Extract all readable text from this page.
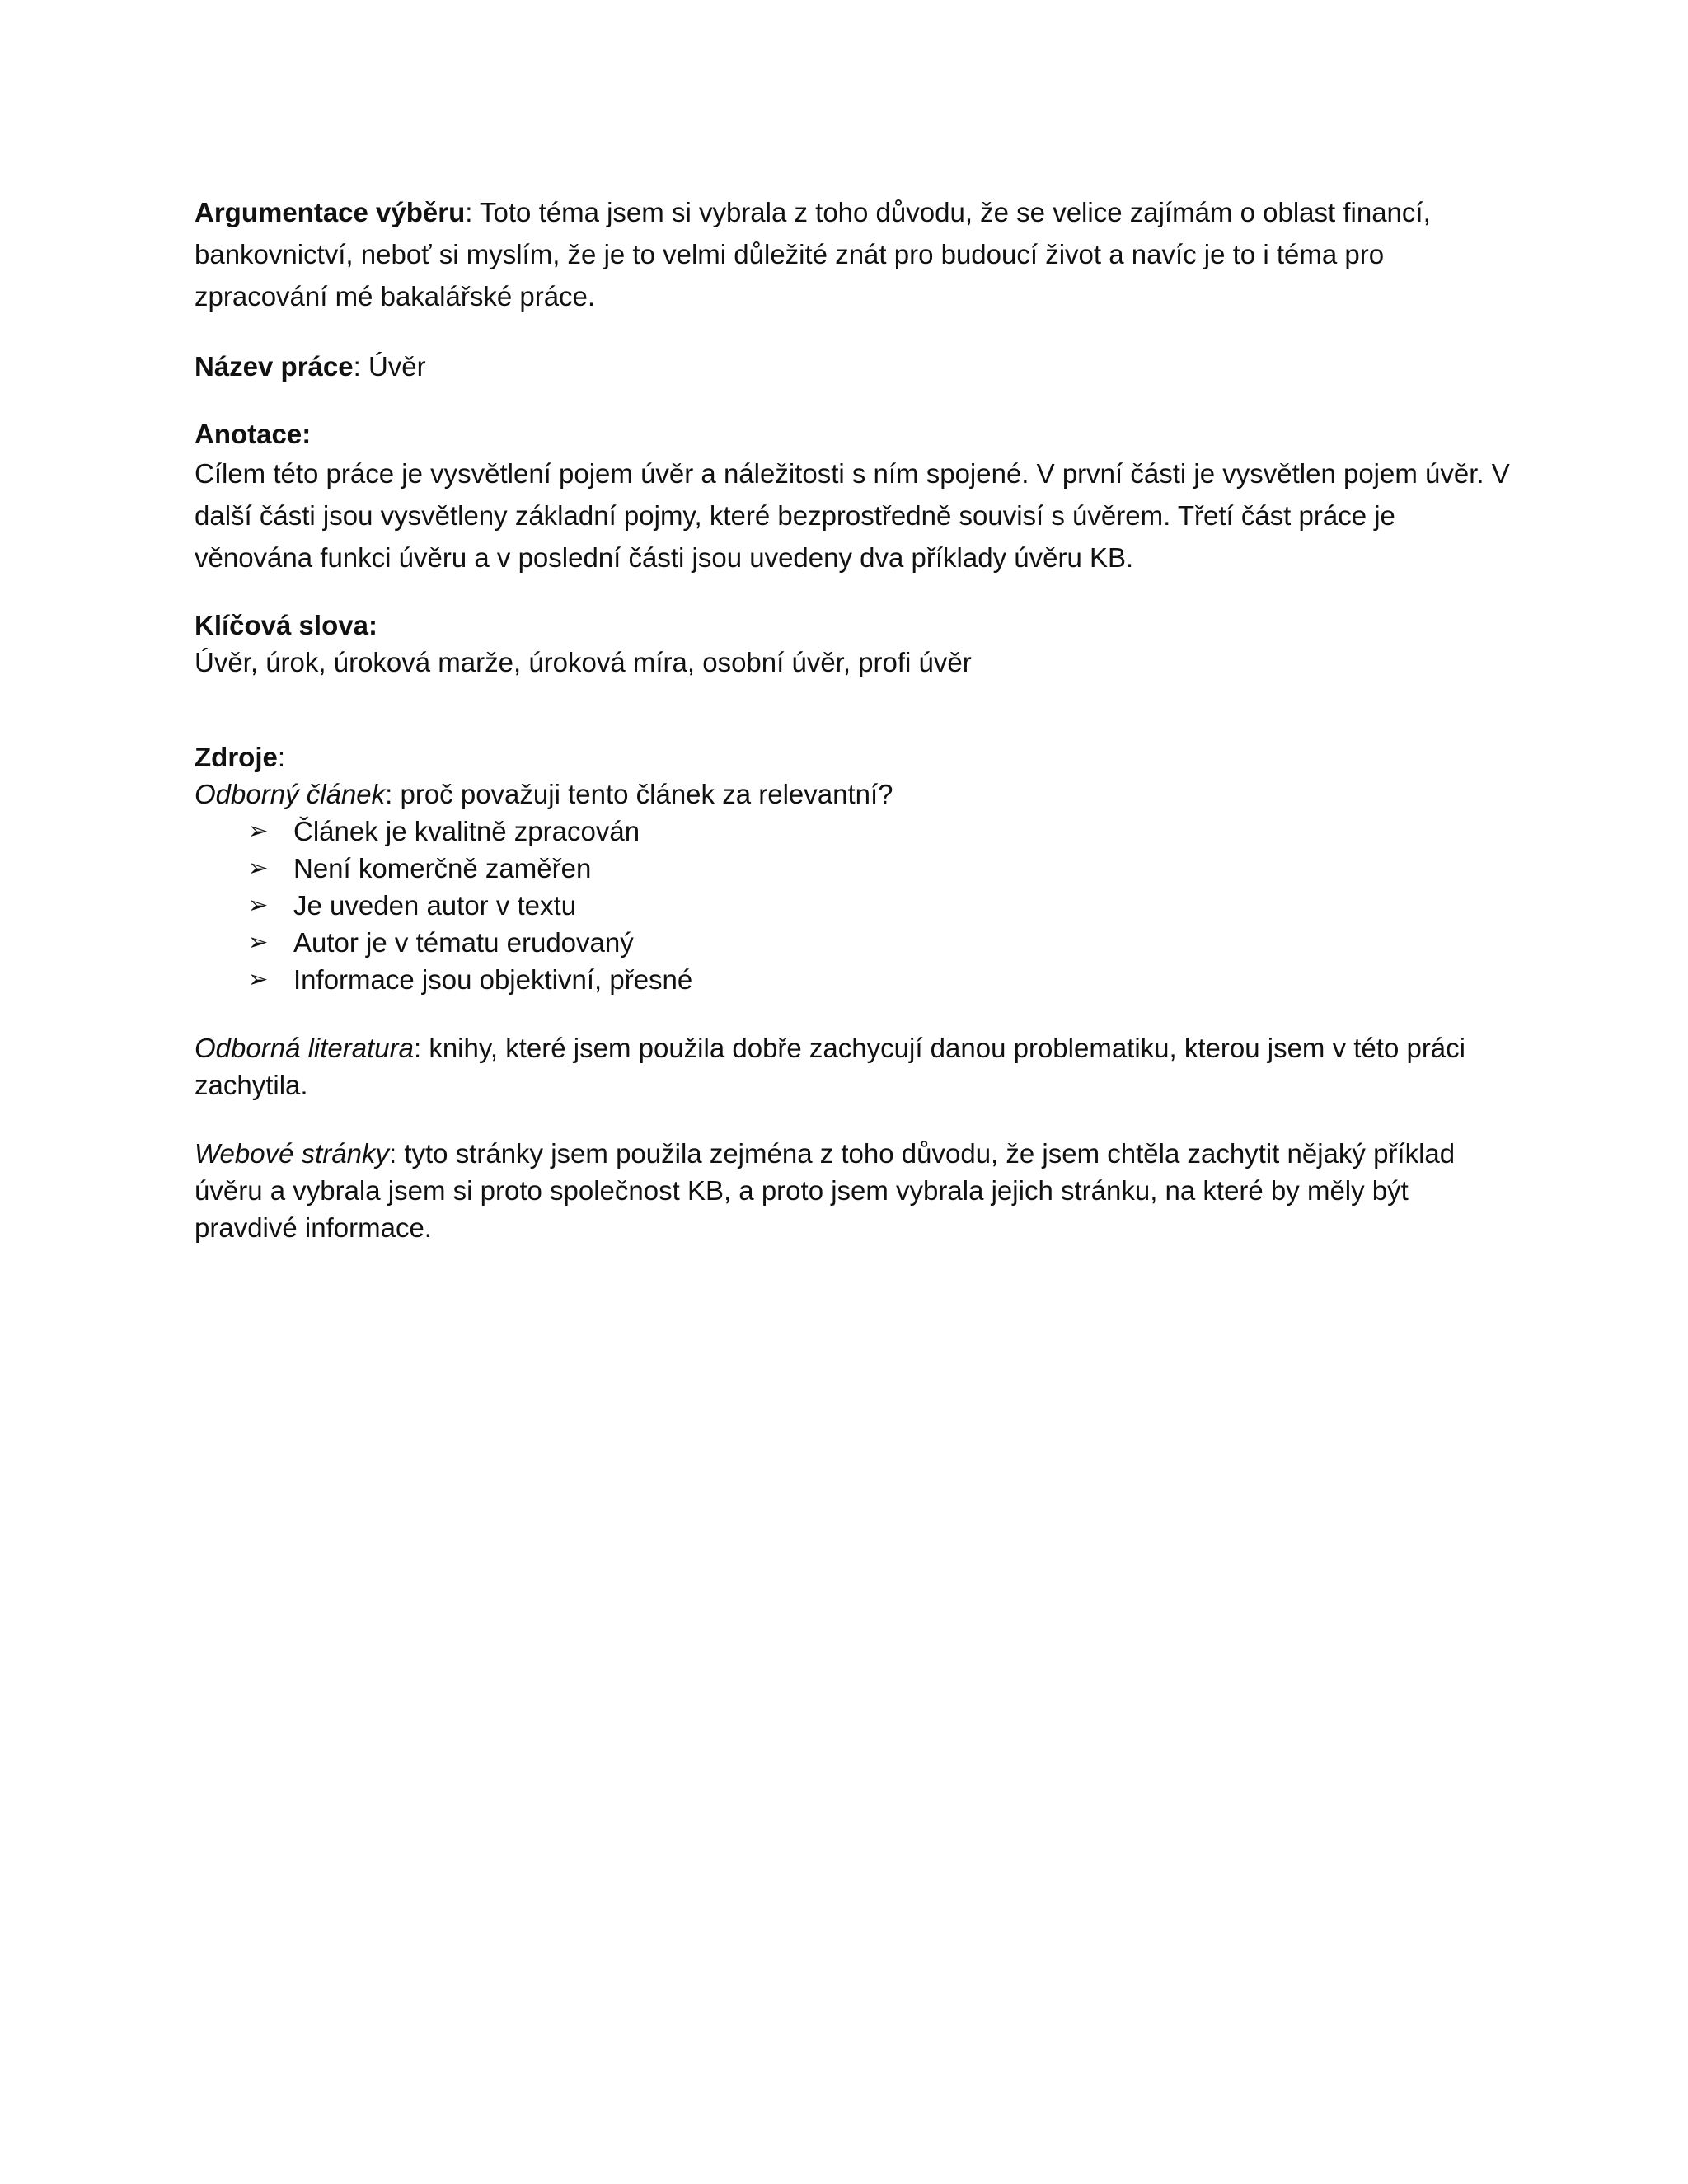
Argumentace výběru: Toto téma jsem si vybrala z toho důvodu, že se velice zajímám o oblast financí, bankovnictví, neboť si myslím, že je to velmi důležité znát pro budoucí život a navíc je to i téma pro zpracování mé bakalářské práce.

Název práce: Úvěr

Anotace:
Cílem této práce je vysvětlení pojem úvěr a náležitosti s ním spojené. V první části je vysvětlen pojem úvěr. V další části jsou vysvětleny základní pojmy, které bezprostředně souvisí s úvěrem. Třetí část práce je věnována funkci úvěru a v poslední části jsou uvedeny dva příklady úvěru KB.
Klíčová slova:
Úvěr, úrok, úroková marže, úroková míra, osobní úvěr, profi úvěr
Zdroje:
Odborný článek: proč považuji tento článek za relevantní?
➢ Článek je kvalitně zpracován
➢ Není komerčně zaměřen
➢ Je uveden autor v textu
➢ Autor je v tématu erudovaný
➢ Informace jsou objektivní, přesné

Odborná literatura: knihy, které jsem použila dobře zachycují danou problematiku, kterou jsem v této práci zachytila.

Webové stránky: tyto stránky jsem použila zejména z toho důvodu, že jsem chtěla zachytit nějaký příklad úvěru a vybrala jsem si proto společnost KB, a proto jsem vybrala jejich stránku, na které by měly být pravdivé informace.
